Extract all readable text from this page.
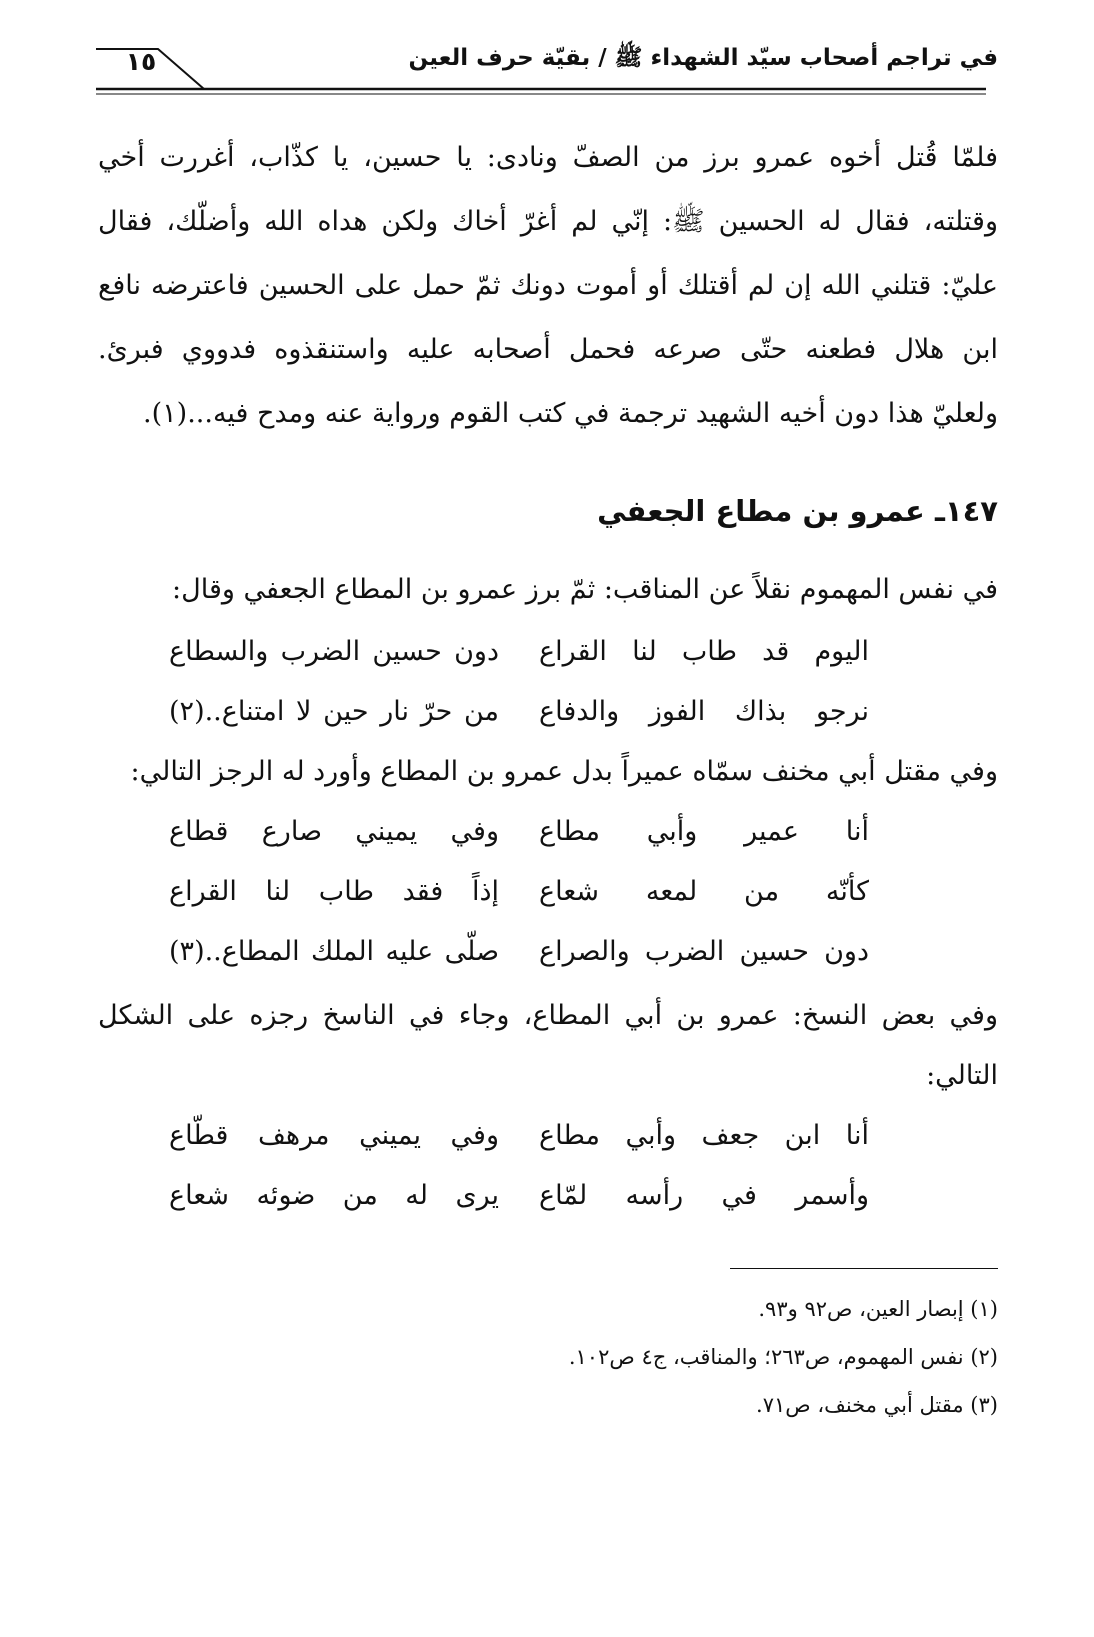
في تراجم أصحاب سيّد الشهداء ﷺ / بقيّة حرف العين
١٥
فلمّا قُتل أخوه عمرو برز من الصفّ ونادى: يا حسين، يا كذّاب، أغررت أخي
وقتلته، فقال له الحسين ﷺ: إنّي لم أغرّ أخاك ولكن هداه الله وأضلّك، فقال
عليّ: قتلني الله إن لم أقتلك أو أموت دونك ثمّ حمل على الحسين فاعترضه نافع
ابن هلال فطعنه حتّى صرعه فحمل أصحابه عليه واستنقذوه فدووي فبرئ.
ولعليّ هذا دون أخيه الشهيد ترجمة في كتب القوم ورواية عنه ومدح فيه...(١).
١٤٧ـ عمرو بن مطاع الجعفي
في نفس المهموم نقلاً عن المناقب: ثمّ برز عمرو بن المطاع الجعفي وقال:
اليوم قد طاب لنا القراع
دون حسين الضرب والسطاع
نرجو بذاك الفوز والدفاع
من حرّ نار حين لا امتناع..(٢)
وفي مقتل أبي مخنف سمّاه عميراً بدل عمرو بن المطاع وأورد له الرجز التالي:
أنا عمير وأبي مطاع
وفي يميني صارع قطاع
كأنّه من لمعه شعاع
إذاً فقد طاب لنا القراع
دون حسين الضرب والصراع
صلّى عليه الملك المطاع..(٣)
وفي بعض النسخ: عمرو بن أبي المطاع، وجاء في الناسخ رجزه على الشكل
التالي:
أنا ابن جعف وأبي مطاع
وفي يميني مرهف قطّاع
وأسمر في رأسه لمّاع
يرى له من ضوئه شعاع
(١) إبصار العين، ص٩٢ و٩٣.
(٢) نفس المهموم، ص٢٦٣؛ والمناقب، ج٤ ص١٠٢.
(٣) مقتل أبي مخنف، ص٧١.
